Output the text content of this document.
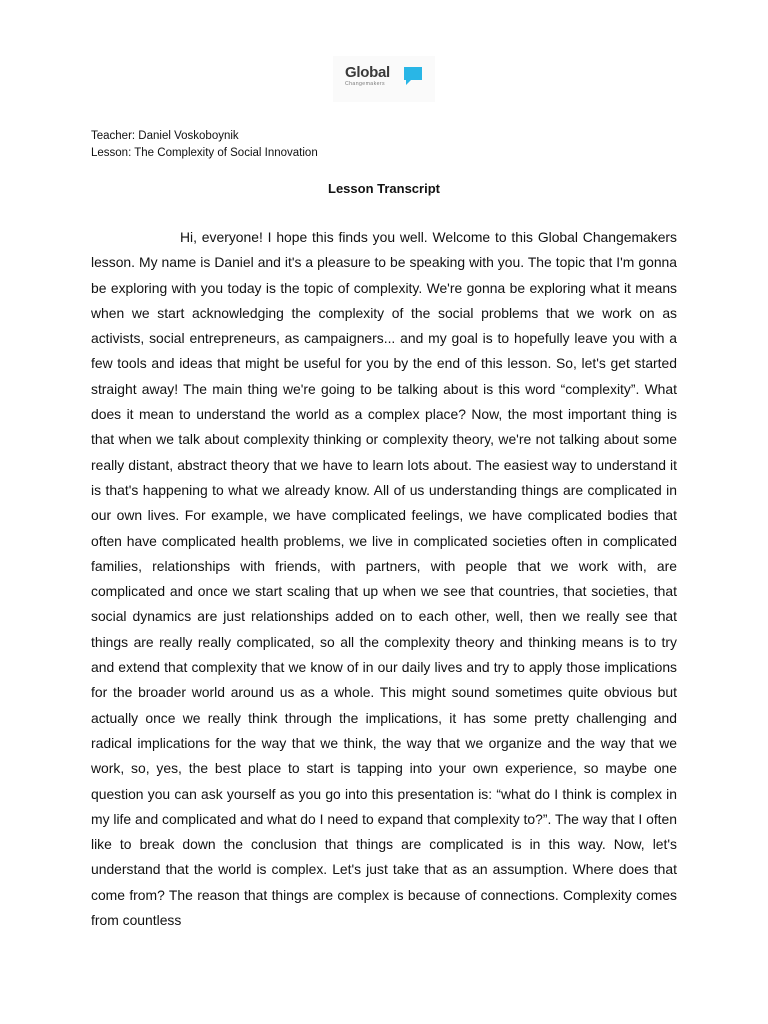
Global
Changemakers
Teacher: Daniel Voskoboynik
Lesson: The Complexity of Social Innovation
Lesson Transcript

Hi, everyone! I hope this finds you well. Welcome to this Global Changemakers lesson. My name is Daniel and it's a pleasure to be speaking with you. The topic that I'm gonna be exploring with you today is the topic of complexity. We're gonna be exploring what it means when we start acknowledging the complexity of the social problems that we work on as activists, social entrepreneurs, as campaigners... and my goal is to hopefully leave you with a few tools and ideas that might be useful for you by the end of this lesson. So, let's get started straight away! The main thing we're going to be talking about is this word “complexity”. What does it mean to understand the world as a complex place? Now, the most important thing is that when we talk about complexity thinking or complexity theory, we're not talking about some really distant, abstract theory that we have to learn lots about. The easiest way to understand it is that's happening to what we already know. All of us understanding things are complicated in our own lives. For example, we have complicated feelings, we have complicated bodies that often have complicated health problems, we live in complicated societies often in complicated families, relationships with friends, with partners, with people that we work with, are complicated and once we start scaling that up when we see that countries, that societies, that social dynamics are just relationships added on to each other, well, then we really see that things are really really complicated, so all the complexity theory and thinking means is to try and extend that complexity that we know of in our daily lives and try to apply those implications for the broader world around us as a whole. This might sound sometimes quite obvious but actually once we really think through the implications, it has some pretty challenging and radical implications for the way that we think, the way that we organize and the way that we work, so, yes, the best place to start is tapping into your own experience, so maybe one question you can ask yourself as you go into this presentation is: “what do I think is complex in my life and complicated and what do I need to expand that complexity to?”. The way that I often like to break down the conclusion that things are complicated is in this way. Now, let's understand that the world is complex. Let's just take that as an assumption. Where does that come from? The reason that things are complex is because of connections. Complexity comes from countless
